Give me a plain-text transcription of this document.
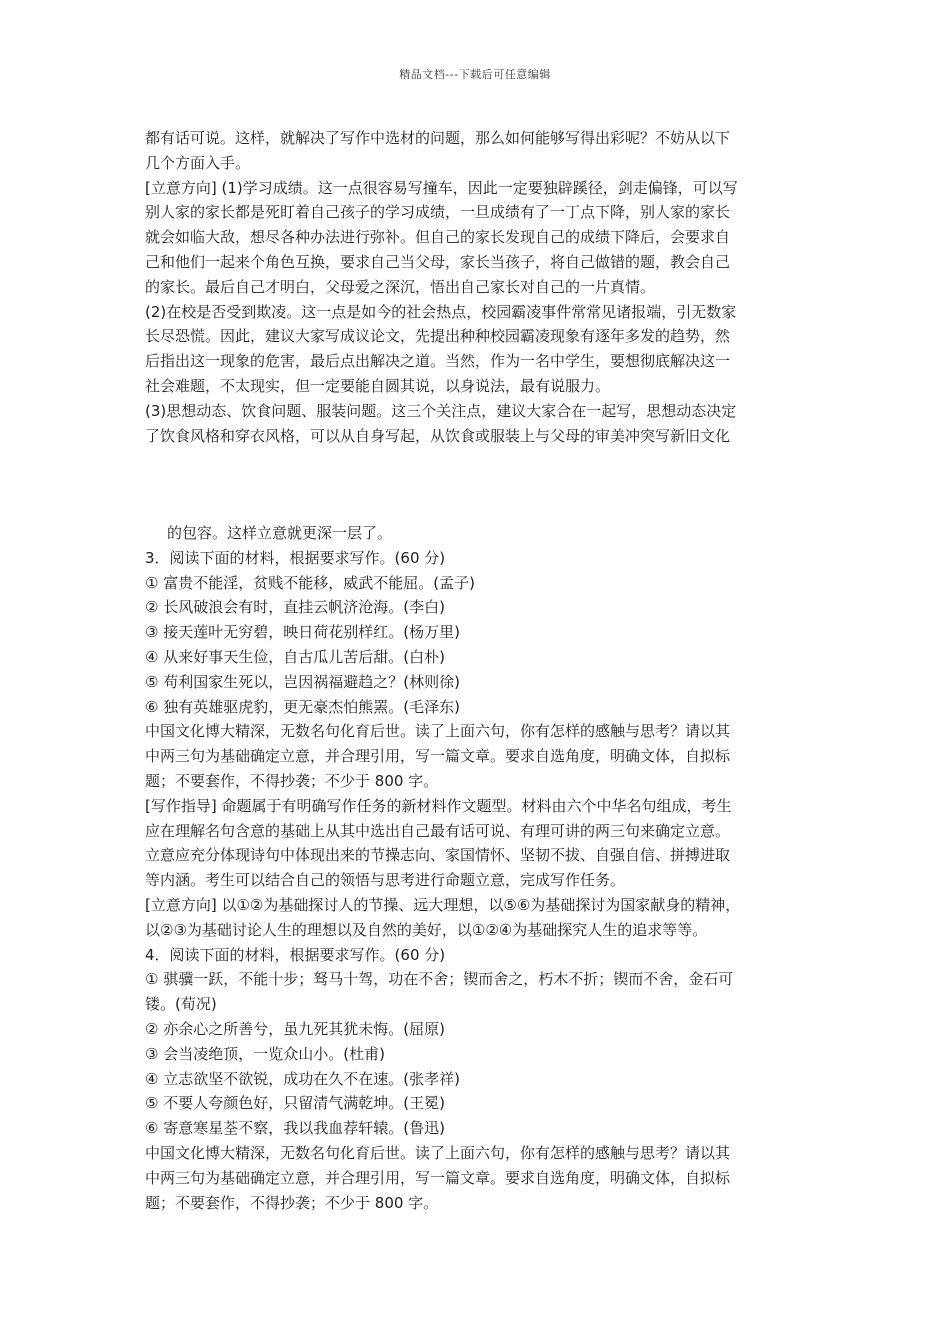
精品文档---下载后可任意编辑

都有话可说。这样，就解决了写作中选材的问题，那么如何能够写得出彩呢？不妨从以下

几个方面入手。

[立意方向] (1)学习成绩。这一点很容易写撞车，因此一定要独辟蹊径，剑走偏锋，可以写

别人家的家长都是死盯着自己孩子的学习成绩，一旦成绩有了一丁点下降，别人家的家长

就会如临大敌，想尽各种办法进行弥补。但自己的家长发现自己的成绩下降后，会要求自

己和他们一起来个角色互换，要求自己当父母，家长当孩子，将自己做错的题，教会自己

的家长。最后自己才明白，父母爱之深沉，悟出自己家长对自己的一片真情。

(2)在校是否受到欺凌。这一点是如今的社会热点，校园霸凌事件常常见诸报端，引无数家

长尽恐慌。因此，建议大家写成议论文，先提出种种校园霸凌现象有逐年多发的趋势，然

后指出这一现象的危害，最后点出解决之道。当然，作为一名中学生，要想彻底解决这一

社会难题，不太现实，但一定要能自圆其说，以身说法，最有说服力。

(3)思想动态、饮食问题、服装问题。这三个关注点，建议大家合在一起写，思想动态决定

了饮食风格和穿衣风格，可以从自身写起，从饮食或服装上与父母的审美冲突写新旧文化

的包容。这样立意就更深一层了。

3．阅读下面的材料，根据要求写作。(60 分)

① 富贵不能淫，贫贱不能移，威武不能屈。(孟子)

② 长风破浪会有时，直挂云帆济沧海。(李白)

③ 接天莲叶无穷碧，映日荷花别样红。(杨万里)

④ 从来好事天生俭，自古瓜儿苦后甜。(白朴)

⑤ 苟利国家生死以，岂因祸福避趋之？(林则徐)

⑥ 独有英雄驱虎豹，更无豪杰怕熊罴。(毛泽东)

中国文化博大精深，无数名句化育后世。读了上面六句，你有怎样的感触与思考？请以其

中两三句为基础确定立意，并合理引用，写一篇文章。要求自选角度，明确文体，自拟标

题；不要套作，不得抄袭；不少于 800 字。

[写作指导] 命题属于有明确写作任务的新材料作文题型。材料由六个中华名句组成，考生

应在理解名句含意的基础上从其中选出自己最有话可说、有理可讲的两三句来确定立意。

立意应充分体现诗句中体现出来的节操志向、家国情怀、坚韧不拔、自强自信、拼搏进取

等内涵。考生可以结合自己的领悟与思考进行命题立意，完成写作任务。

[立意方向] 以①②为基础探讨人的节操、远大理想，以⑤⑥为基础探讨为国家献身的精神，

以②③为基础讨论人生的理想以及自然的美好，以①②④为基础探究人生的追求等等。

4．阅读下面的材料，根据要求写作。(60 分)

① 骐骥一跃，不能十步；驽马十驾，功在不舍；锲而舍之，朽木不折；锲而不舍，金石可

镂。(荀况)

② 亦余心之所善兮，虽九死其犹未悔。(屈原)

③ 会当凌绝顶，一览众山小。(杜甫)

④ 立志欲坚不欲锐，成功在久不在速。(张孝祥)

⑤ 不要人夸颜色好，只留清气满乾坤。(王冕)

⑥ 寄意寒星荃不察，我以我血荐轩辕。(鲁迅)

中国文化博大精深，无数名句化育后世。读了上面六句，你有怎样的感触与思考？请以其

中两三句为基础确定立意，并合理引用，写一篇文章。要求自选角度，明确文体，自拟标

题；不要套作，不得抄袭；不少于 800 字。
